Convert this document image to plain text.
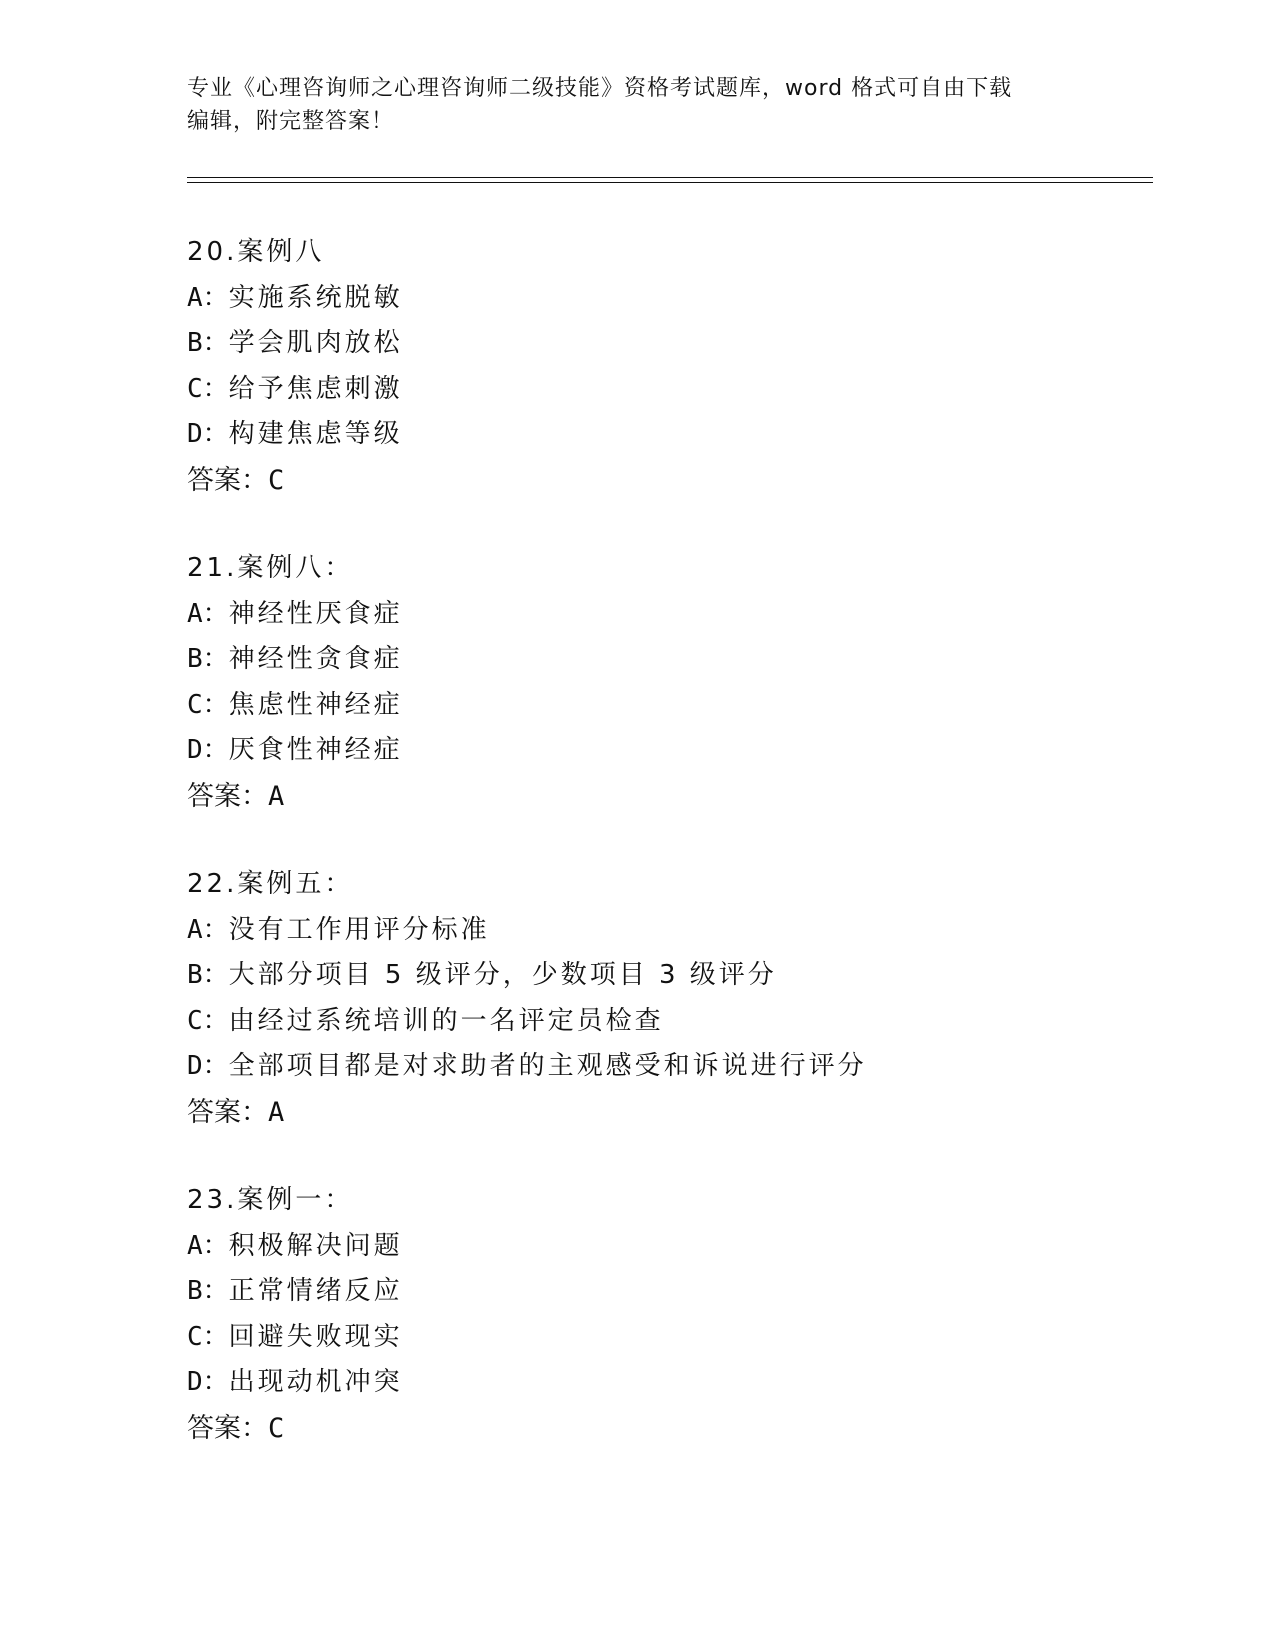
专业《心理咨询师之心理咨询师二级技能》资格考试题库，word 格式可自由下载
编辑，附完整答案！
20.案例八
A：实施系统脱敏
B：学会肌肉放松
C：给予焦虑刺激
D：构建焦虑等级
答案：C
21.案例八：
A：神经性厌食症
B：神经性贪食症
C：焦虑性神经症
D：厌食性神经症
答案：A
22.案例五：
A：没有工作用评分标准
B：大部分项目 5 级评分，少数项目 3 级评分
C：由经过系统培训的一名评定员检查
D：全部项目都是对求助者的主观感受和诉说进行评分
答案：A
23.案例一：
A：积极解决问题
B：正常情绪反应
C：回避失败现实
D：出现动机冲突
答案：C
